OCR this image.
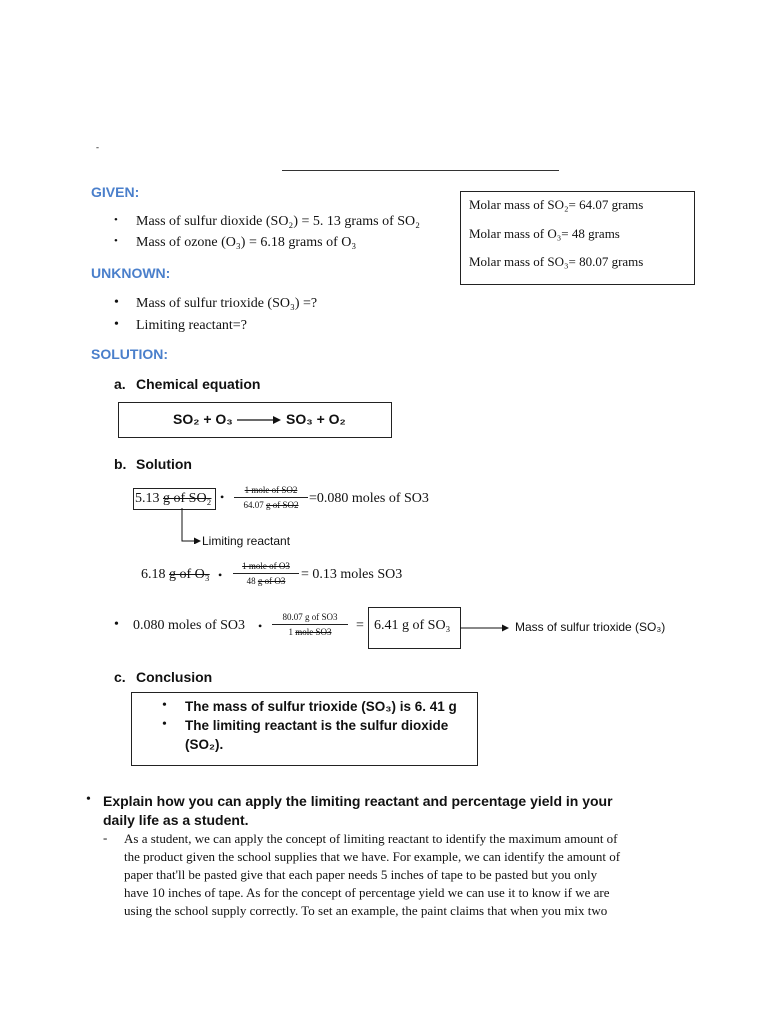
-
GIVEN:
• Mass of sulfur dioxide (SO₂) = 5. 13 grams of SO₂
• Mass of ozone (O₃) = 6.18 grams of O₃
Molar mass of SO₂= 64.07 grams
Molar mass of O₃= 48 grams
Molar mass of SO₃= 80.07 grams
UNKNOWN:
• Mass of sulfur trioxide (SO₃) =?
• Limiting reactant=?
SOLUTION:
a. Chemical equation
SO₂ + O₃ → SO₃ + O₂
b. Solution
5.13 g of SO₂ •	1 mole of SO2
64.07 g of SO2 =0.080 moles of SO3
Limiting reactant
6.18 g of O₃ •
1 mole of O3
48 g of O3	= 0.13 moles SO3
• 0.080 moles of SO3 •
80.07 g of SO3
1 mole SO3	= 6.41 g of SO₃	Mass of sulfur trioxide (SO₃)
c. Conclusion
• The mass of sulfur trioxide (SO₃) is 6. 41 g
• The limiting reactant is the sulfur dioxide
(SO₂).
• Explain how you can apply the limiting reactant and percentage yield in your
daily life as a student.
- As a student, we can apply the concept of limiting reactant to identify the maximum amount of
the product given the school supplies that we have. For example, we can identify the amount of
paper that'll be pasted give that each paper needs 5 inches of tape to be pasted but you only
have 10 inches of tape. As for the concept of percentage yield we can use it to know if we are
using the school supply correctly. To set an example, the paint claims that when you mix two
